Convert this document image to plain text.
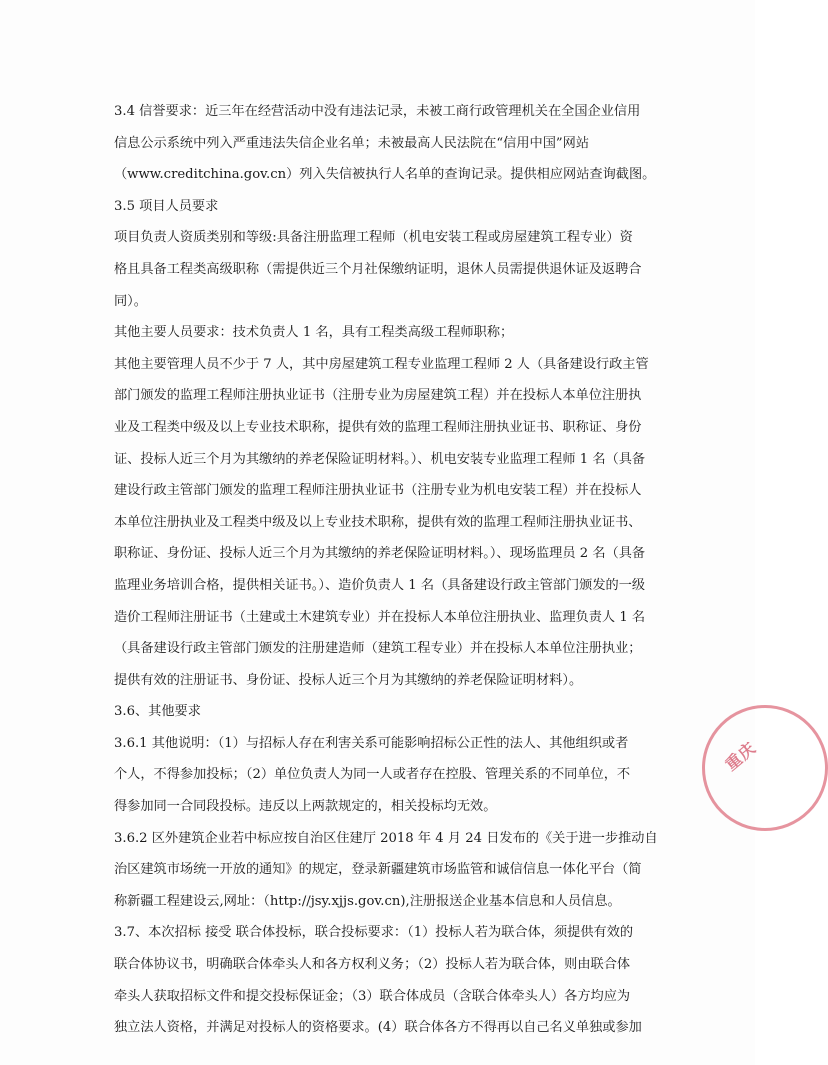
3.4 信誉要求：近三年在经营活动中没有违法记录，未被工商行政管理机关在全国企业信用
信息公示系统中列入严重违法失信企业名单；未被最高人民法院在“信用中国”网站
（www.creditchina.gov.cn）列入失信被执行人名单的查询记录。提供相应网站查询截图。
3.5 项目人员要求
项目负责人资质类别和等级:具备注册监理工程师（机电安装工程或房屋建筑工程专业）资
格且具备工程类高级职称（需提供近三个月社保缴纳证明，退休人员需提供退休证及返聘合
同）。
其他主要人员要求：技术负责人 1 名，具有工程类高级工程师职称；
其他主要管理人员不少于 7 人，其中房屋建筑工程专业监理工程师 2 人（具备建设行政主管
部门颁发的监理工程师注册执业证书（注册专业为房屋建筑工程）并在投标人本单位注册执
业及工程类中级及以上专业技术职称，提供有效的监理工程师注册执业证书、职称证、身份
证、投标人近三个月为其缴纳的养老保险证明材料。）、机电安装专业监理工程师 1 名（具备
建设行政主管部门颁发的监理工程师注册执业证书（注册专业为机电安装工程）并在投标人
本单位注册执业及工程类中级及以上专业技术职称，提供有效的监理工程师注册执业证书、
职称证、身份证、投标人近三个月为其缴纳的养老保险证明材料。）、现场监理员 2 名（具备
监理业务培训合格，提供相关证书。）、造价负责人 1 名（具备建设行政主管部门颁发的一级
造价工程师注册证书（土建或土木建筑专业）并在投标人本单位注册执业、监理负责人 1 名
（具备建设行政主管部门颁发的注册建造师（建筑工程专业）并在投标人本单位注册执业；
提供有效的注册证书、身份证、投标人近三个月为其缴纳的养老保险证明材料）。
3.6、其他要求
3.6.1 其他说明：（1）与招标人存在利害关系可能影响招标公正性的法人、其他组织或者
个人，不得参加投标；（2）单位负责人为同一人或者存在控股、管理关系的不同单位，不
得参加同一合同段投标。违反以上两款规定的，相关投标均无效。
3.6.2 区外建筑企业若中标应按自治区住建厅 2018 年 4 月 24 日发布的《关于进一步推动自
治区建筑市场统一开放的通知》的规定，登录新疆建筑市场监管和诚信信息一体化平台（简
称新疆工程建设云,网址：（http://jsy.xjjs.gov.cn),注册报送企业基本信息和人员信息。
3.7、本次招标 接受 联合体投标，联合投标要求：（1）投标人若为联合体，须提供有效的
联合体协议书，明确联合体牵头人和各方权利义务；（2）投标人若为联合体，则由联合体
牵头人获取招标文件和提交投标保证金；（3）联合体成员（含联合体牵头人）各方均应为
独立法人资格，并满足对投标人的资格要求。(4）联合体各方不得再以自己名义单独或参加
重庆
